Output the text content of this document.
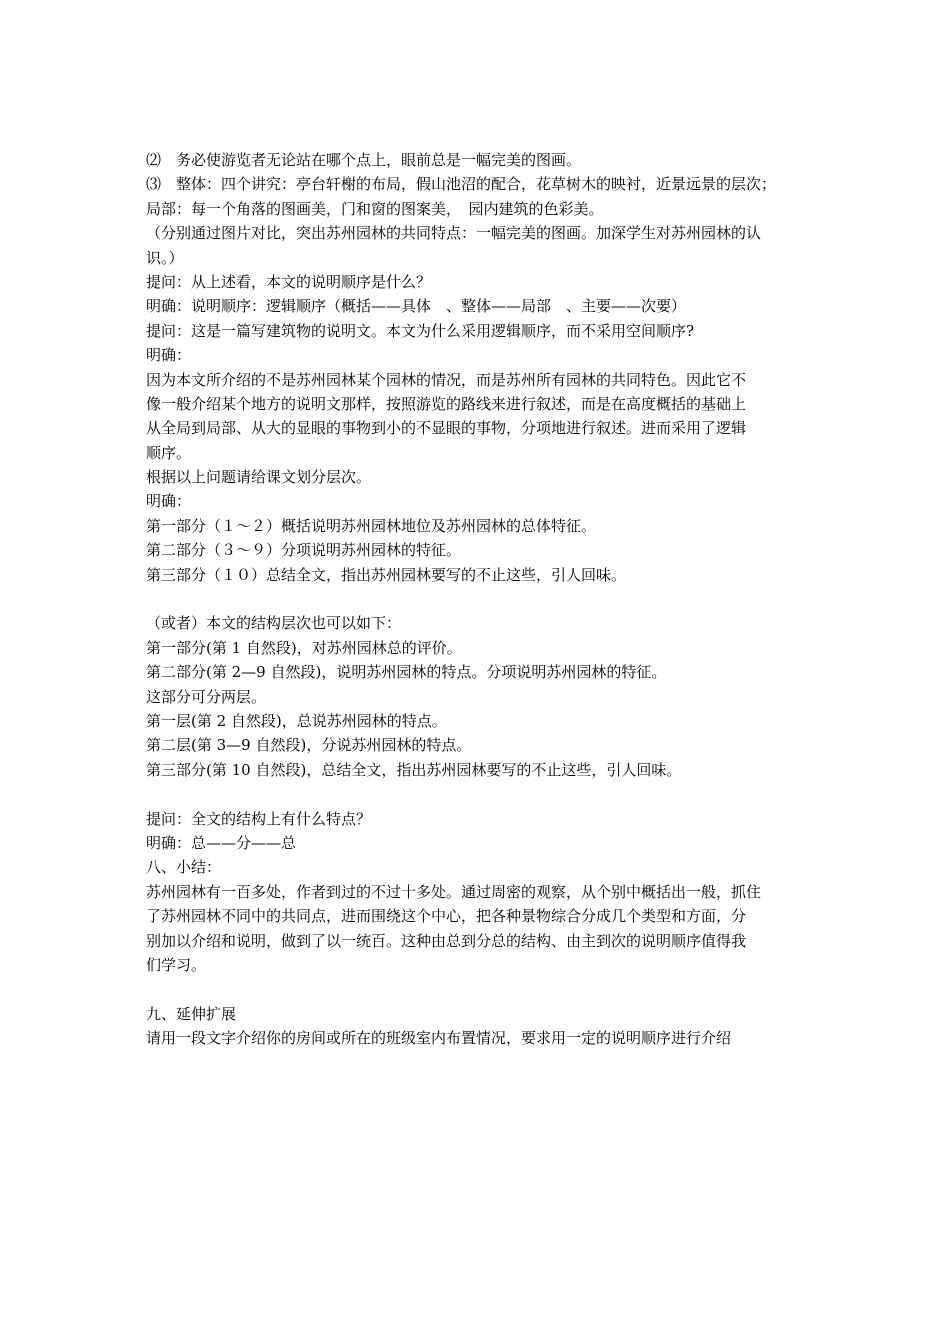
⑵　务必使游览者无论站在哪个点上，眼前总是一幅完美的图画。
⑶　整体：四个讲究：亭台轩榭的布局，假山池沼的配合，花草树木的映衬，近景远景的层次；
局部：每一个角落的图画美，门和窗的图案美，　园内建筑的色彩美。
（分别通过图片对比，突出苏州园林的共同特点：一幅完美的图画。加深学生对苏州园林的认
识。）
提问：从上述看，本文的说明顺序是什么？
明确：说明顺序：逻辑顺序（概括——具体　、整体——局部　、主要——次要）
提问：这是一篇写建筑物的说明文。本文为什么采用逻辑顺序，而不采用空间顺序?
明确：
因为本文所介绍的不是苏州园林某个园林的情况，而是苏州所有园林的共同特色。因此它不
像一般介绍某个地方的说明文那样，按照游览的路线来进行叙述，而是在高度概括的基础上
从全局到局部、从大的显眼的事物到小的不显眼的事物，分项地进行叙述。进而采用了逻辑
顺序。
根据以上问题请给课文划分层次。
明确：
第一部分（１～２）概括说明苏州园林地位及苏州园林的总体特征。
第二部分（３～９）分项说明苏州园林的特征。
第三部分（１０）总结全文，指出苏州园林要写的不止这些，引人回味。
（或者）本文的结构层次也可以如下：
第一部分(第 1 自然段)，对苏州园林总的评价。
第二部分(第 2—9 自然段)，说明苏州园林的特点。分项说明苏州园林的特征。
这部分可分两层。
第一层(第 2 自然段)，总说苏州园林的特点。
第二层(第 3—9 自然段)，分说苏州园林的特点。
第三部分(第 10 自然段)，总结全文，指出苏州园林要写的不止这些，引人回味。
提问：全文的结构上有什么特点？
明确：总——分——总
八、小结：
苏州园林有一百多处，作者到过的不过十多处。通过周密的观察，从个别中概括出一般，抓住
了苏州园林不同中的共同点，进而围绕这个中心，把各种景物综合分成几个类型和方面，分
别加以介绍和说明，做到了以一统百。这种由总到分总的结构、由主到次的说明顺序值得我
们学习。
九、延伸扩展
请用一段文字介绍你的房间或所在的班级室内布置情况，要求用一定的说明顺序进行介绍
